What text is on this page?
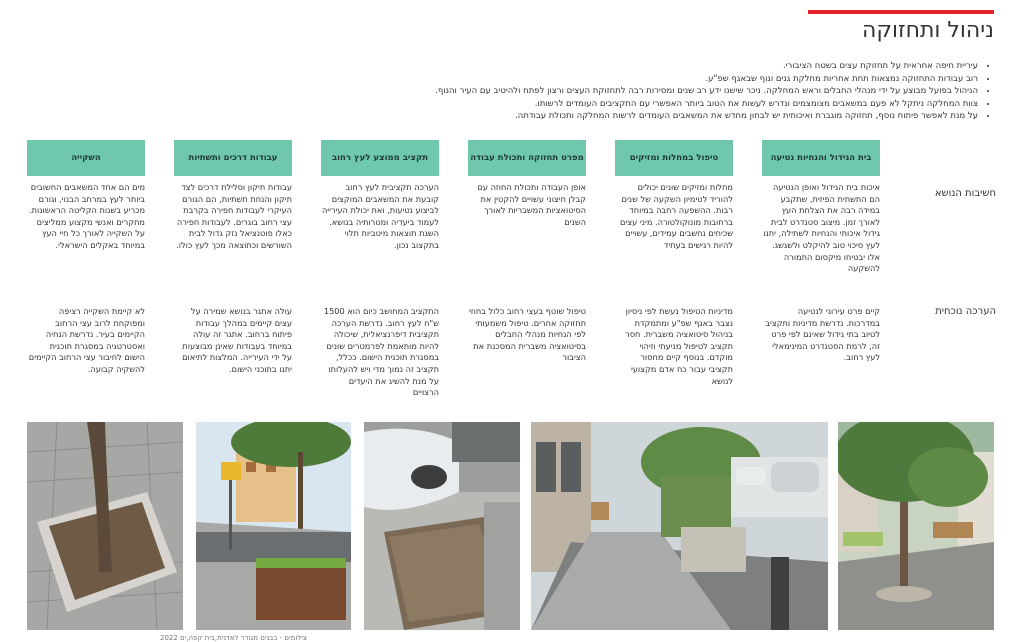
ניהול ותחזוקה
• עיריית חיפה אחראית על תחזוקת עצים בשטח הציבורי.
• רוב עבודות התחזוקה נמצאות תחת אחריות מחלקת גנים ונוף שבאגף שפ"ע.
• הניהול בפועל מבוצע על ידי מנהלי החבלים וראש המחלקה. ניכר שישנו ידע רב שנים ומסירות רבה לתחזוקת העצים ורצון לפתח ולהיטיב עם העיר והנוף.
• צוות המחלקה ניתקל לא פעם במשאבים מצומצמים ונדרש לעשות את הטוב ביותר האפשרי עם התקציבים העומדים לרשותו.
• על מנת לאפשר פיתוח נוסף, תחזוקה מוגברת ואיכותית יש לבחון מחדש את המשאבים העומדים לרשות המחלקה ותכולת עבודתה.
חשיבות הנושא
הערכה נוכחית
בית הגידול והנחיות נטיעה
איכות בית הגידול ואופן הנטיעה הם התשתית הפיזית, שתקבע במידה רבה את הצלחת העץ לאורך זמן. מיצוב סטנדרט לבית גידול איכותי והנחיות לשתילה, יתנו לעץ סיכוי טוב להיקלט ולשגשג. אלו יבטיחו מיקסום התמורה להשקעה
קיים פרט עירוני לנטיעה במדרכות. נדרשת מדיניות ותקציב לטיוב בתי גידול שאינם לפי פרט זה, לרמת הסטנדרט המינימאלי לעץ רחוב.
טיפול במחלות ומזיקים
מחלות ומזיקים שונים יכולים להוריד לטימיון השקעה של שנים רבות. ההשפעה רחבה במיוחד ברחובות מונוקולטורה. מיני עצים שכיחים נחשבים עמידים, עשויים להיות רגישים בעתיד
מדיניות הטיפול נעשת לפי ניסיון נצבר באגף שפ"ע ומתמקדת בניהול סיטואציה משברית. חסר תקציב לטיפול מניעתי וזיהוי מוקדם. בנוסף קיים מחסור תקציבי עבור כח אדם מקצועי לנושא
מפרט תחזוקה ותכולת עבודה
אופן העבודה ותכולת החוזה עם קבלן חיצוני עשויים להקטין את הסיטואציות המשבריות לאורך השנים
טיפול שוטף בעצי רחוב כלול בחוזי תחזוקה אחרים. טיפול משמעותי לפי הנחיות מנהלי החבלים בסיטואציה משברית המסכנת את הציבור
תקציב ממוצע לעץ רחוב
הערכה תקציבית לעץ רחוב קובעת את המשאבים המוקצים לביצוע נטיעות, ואת יכולת העירייה לעמוד ביעדיה ומטרותיה בנושא. השגת תוצאות מיטביות תלוי בתקצוב נכון.
התקציב המחושב כיום הוא 1500 ש"ח לעץ רחוב. נדרשת הערכה תקציבית דיפרנציאלית, שיכולה להיות מותאמת לפרמטרים שונים במסגרת תוכנית הישום. ככלל, תקציב זה נמוך מדי ויש להעלותו על מנת להשיג את היעדים הרצויים
עבודות דרכים ותשתיות
עבודות תיקון וסלילת דרכים לצד תיקון והנחת תשתיות, הם הגורם העיקרי לעבודות חפירה בקרבת עצי רחוב בוגרים. לעבודות חפירה כאלו פוטנציאל נזק גדול לבית השורשים וכתוצאה מכך לעץ כולו.
עולה אתגר בנושא שמירה על עצים קיימים במהלך עבודות פיתוח ברחוב. אתגר זה עולה במיוחד בעבודות שאינן מבוצעות על ידי העירייה. המלצות לתיאום יתנו בתוכני הישום.
השקייה
מים הם אחד המשאבים החשובים ביותר לעץ במרחב הבנוי, וגורם מכריע בשנות הקליטה הראשונות. מחקרים ואנשי מקצוע ממליצים על השקייה לאורך כל חיי העץ במיוחד באקלים הישראלי.
לא קיימת השקייה רציפה ומפוקחת לרוב עצי הרחוב הקיימים בעיר. נדרשת הנחיה ואסטרטגיה במסגרת תוכנית הישום לחיבור עצי הרחוב הקיימים להשקיה קבועה.
צילומים - בבנים מגודר לאדנית,בית קפה,ים 2022
